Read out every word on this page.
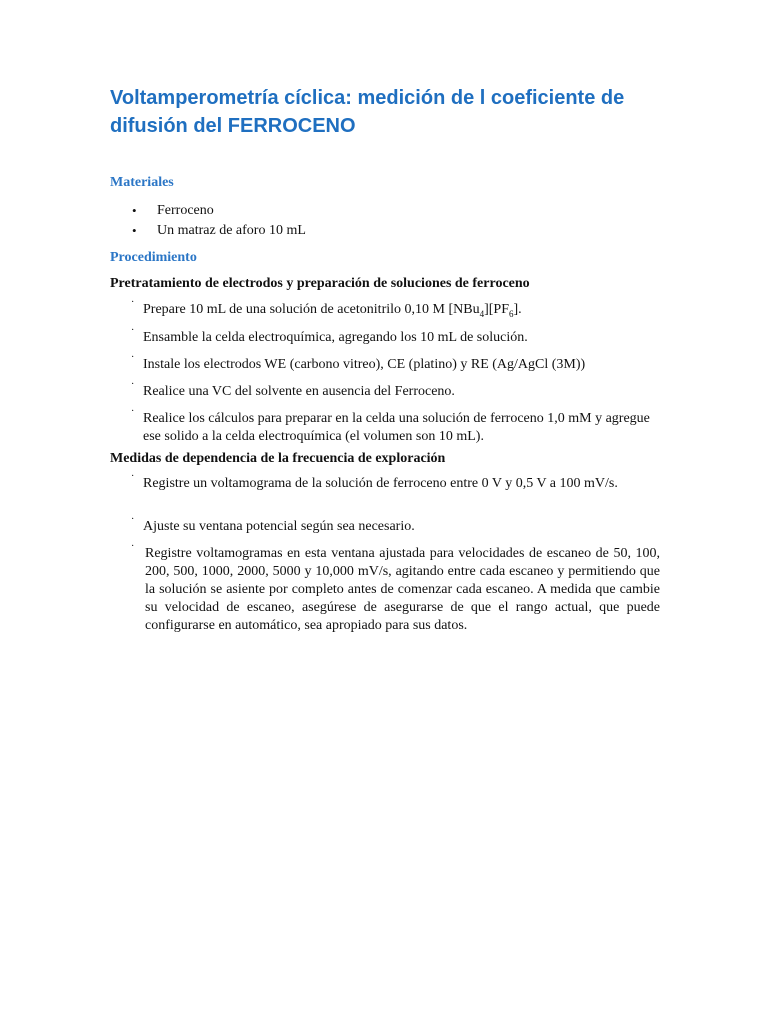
Voltamperometría cíclica: medición de l coeficiente de difusión del FERROCENO
Materiales
• Ferroceno
• Un matraz de aforo 10 mL
Procedimiento
Pretratamiento de electrodos y preparación de soluciones de ferroceno

· Prepare 10 mL de una solución de acetonitrilo 0,10 M $[NBu_4][PF_6]$.

· Ensamble la celda electroquímica, agregando los 10 mL de solución.

· Instale los electrodos WE (carbono vitreo), CE (platino) y RE (Ag/AgCl (3M))

· Realice una VC del solvente en ausencia del Ferroceno.

· Realice los cálculos para preparar en la celda una solución de ferroceno 1,0 mM y agregue ese solido a la celda electroquímica (el volumen son 10 mL).

Medidas de dependencia de la frecuencia de exploración

· Registre un voltamograma de la solución de ferroceno entre 0 V y 0,5 V a 100 mV/s.

· Ajuste su ventana potencial según sea necesario.

· Registre voltamogramas en esta ventana ajustada para velocidades de escaneo de 50, 100, 200, 500, 1000, 2000, 5000 y 10,000 mV/s, agitando entre cada escaneo y permitiendo que la solución se asiente por completo antes de comenzar cada escaneo. A medida que cambie su velocidad de escaneo, asegúrese de asegurarse de que el rango actual, que puede configurarse en automático, sea apropiado para sus datos.
